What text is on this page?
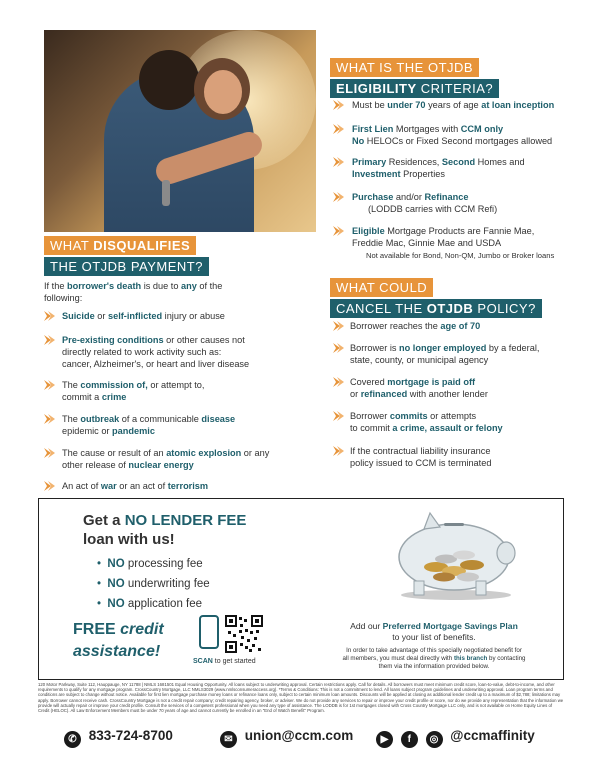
WHAT IS THE OTJDB
ELIGIBILITY CRITERIA?
Must be under 70 years of age at loan inception
First Lien Mortgages with CCM only
No HELOCs or Fixed Second mortgages allowed
Primary Residences, Second Homes and
Investment Properties
Purchase and/or Refinance
(LODDB carries with CCM Refi)
Eligible Mortgage Products are Fannie Mae,
Freddie Mac, Ginnie Mae and USDA
Not available for Bond, Non-QM, Jumbo or Broker loans
WHAT DISQUALIFIES
THE OTJDB PAYMENT?
If the borrower's death is due to any of the
following:
Suicide or self-inflicted injury or abuse
Pre-existing conditions or other causes not
directly related to work activity such as:
cancer, Alzheimer's, or heart and liver disease
The commission of, or attempt to,
commit a crime
The outbreak of a communicable disease
epidemic or pandemic
The cause or result of an atomic explosion or any
other release of nuclear energy
An act of war or an act of terrorism
WHAT COULD
CANCEL THE OTJDB POLICY?
Borrower reaches the age of 70
Borrower is no longer employed by a federal,
state, county, or municipal agency
Covered mortgage is paid off
or refinanced with another lender
Borrower commits or attempts
to commit a crime, assault or felony
If the contractual liability insurance
policy issued to CCM is terminated
Get a NO LENDER FEE
loan with us!
• NO processing fee
• NO underwriting fee
• NO application fee
FREE credit
assistance!
SCAN to get started
Add our Preferred Mortgage Savings Plan
to your list of benefits.
In order to take advantage of this specially negotiated benefit for
all members, you must deal directly with this branch by contacting
them via the information provided below.
120 Motor Parkway, Suite 112, Hauppauge, NY 11788 | NMLS 1681501 Equal Housing Opportunity. All loans subject to underwriting approval. Certain restrictions apply. Call for details. All borrowers must meet minimum credit score, loan-to-value, debt-to-income, and other requirements to qualify for any mortgage program. CrossCountry Mortgage, LLC NMLS3029 (www.nmlsconsumeraccess.org). *Terms & Conditions: This is not a commitment to lend. All loans subject program guidelines and underwriting approval. Loan program terms and conditions are subject to change without notice. Available for first lien mortgage purchase money loans or refinance loans only, subject to certain minimum loan amounts. Discounts will be applied at closing as additional lender credit up to a maximum of $2,788; limitations may apply. Borrower cannot receive cash. CrossCountry Mortgage is not a credit repair company; credit repairing agency, broker, or adviser. We do not provide any services to repair or improve your credit profile or score, nor do we provide any representation that the information we provide will actually repair or improve your credit profile. Consult the services of a competent professional when you need any type of assistance. The LODDB is for 1st mortgages closed with Cross Country Mortgage LLC only, and is not available on Home Equity Lines of Credit (HELOC). All Law Enforcement Members must be under 70 years of age and cannot currently be enrolled in an "End of Watch Benefit" Program.
✆ 833-724-8700	✉ union@ccm.com	▶ f ◎ @ccmaffinity
